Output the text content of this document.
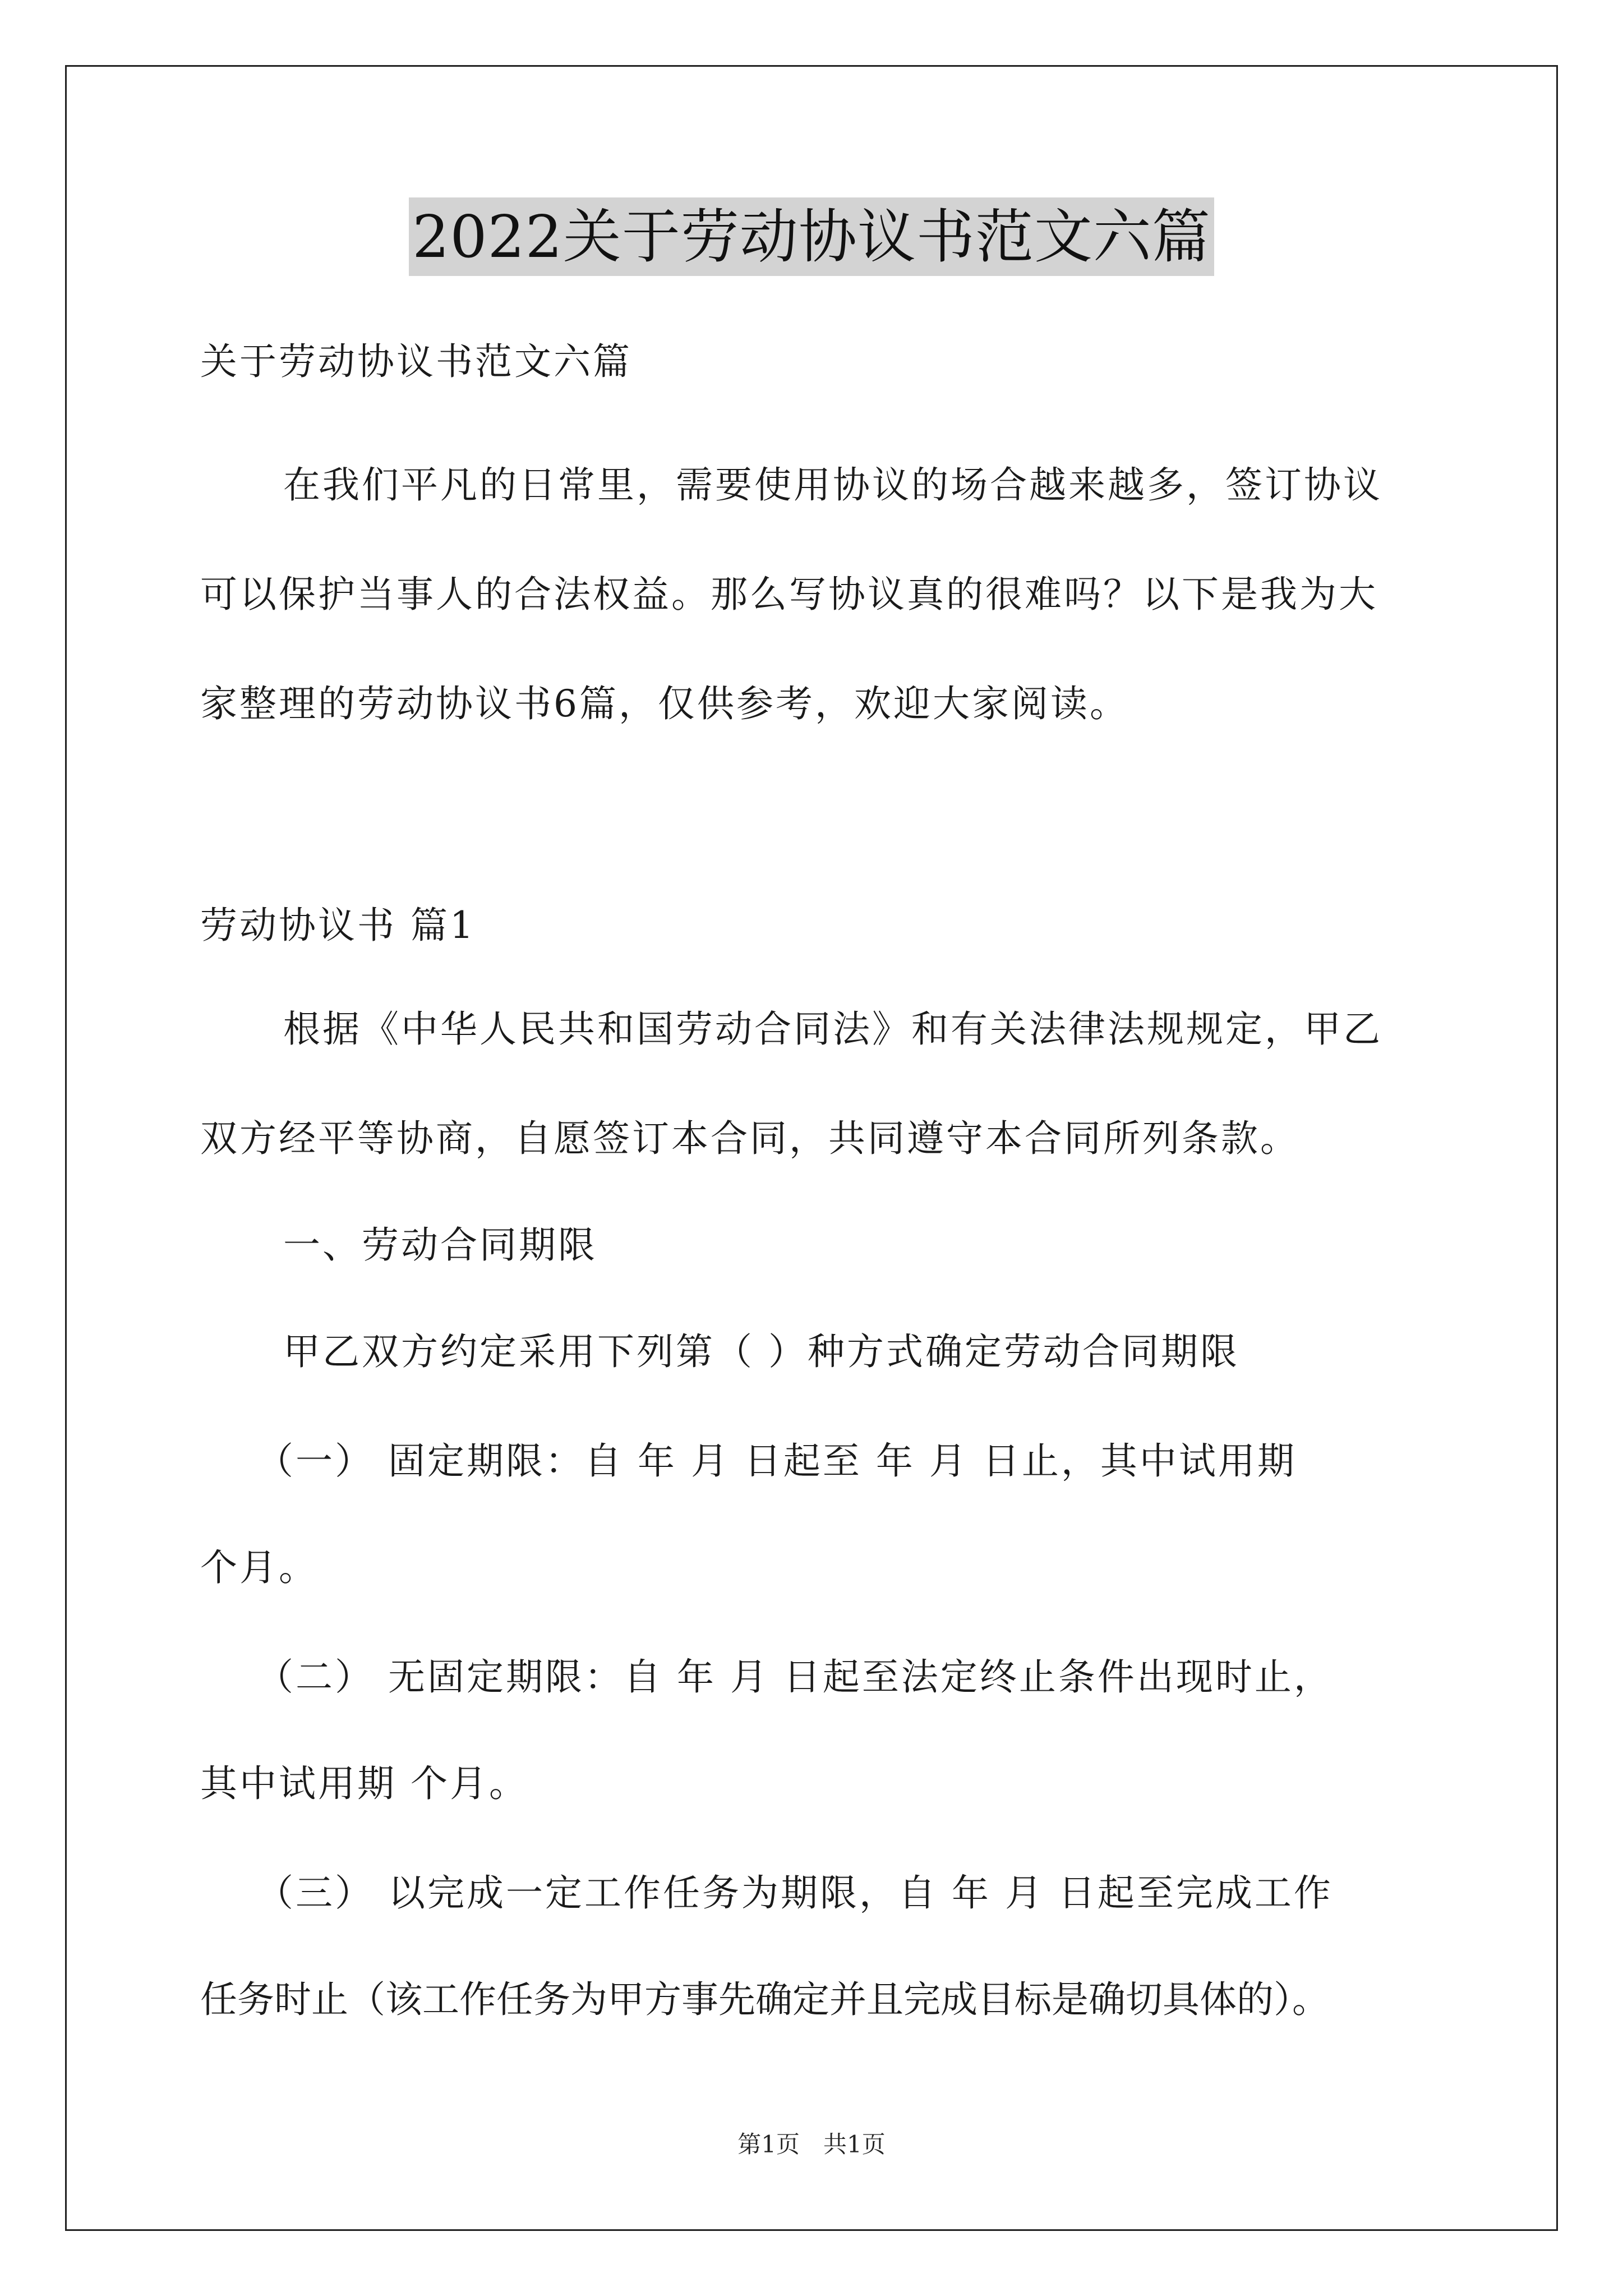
2022关于劳动协议书范文六篇
关于劳动协议书范文六篇
在我们平凡的日常里，需要使用协议的场合越来越多，签订协议
可以保护当事人的合法权益。那么写协议真的很难吗？以下是我为大
家整理的劳动协议书6篇，仅供参考，欢迎大家阅读。
劳动协议书 篇1
根据《中华人民共和国劳动合同法》和有关法律法规规定，甲乙
双方经平等协商，自愿签订本合同，共同遵守本合同所列条款。
一、劳动合同期限
甲乙双方约定采用下列第（ ）种方式确定劳动合同期限
（一） 固定期限：自 年 月 日起至 年 月 日止，其中试用期
个月。
（二） 无固定期限：自 年 月 日起至法定终止条件出现时止，
其中试用期 个月。
（三） 以完成一定工作任务为期限，自 年 月 日起至完成工作
任务时止（该工作任务为甲方事先确定并且完成目标是确切具体的）。
第1页　共1页
